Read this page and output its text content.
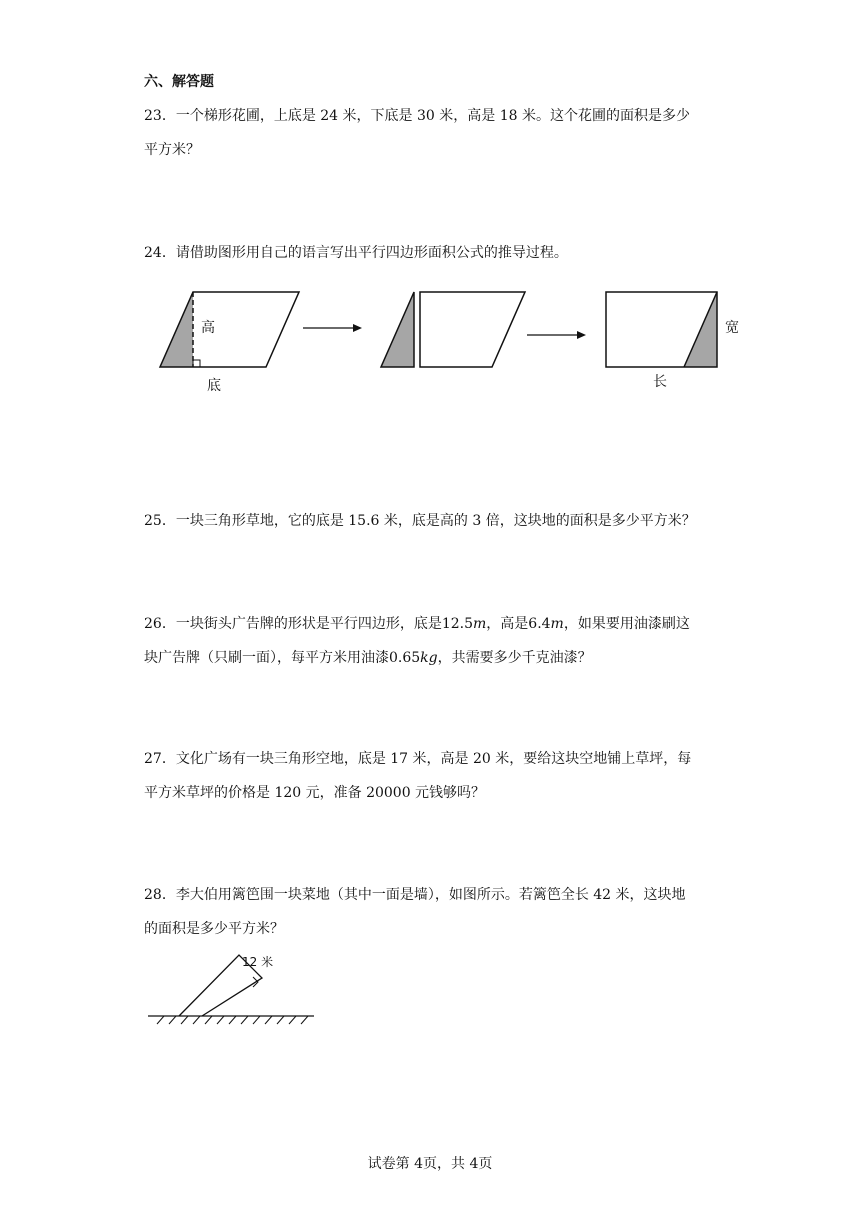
六、解答题
23．一个梯形花圃，上底是 24 米，下底是 30 米，高是 18 米。这个花圃的面积是多少
平方米？
24．请借助图形用自己的语言写出平行四边形面积公式的推导过程。
高
底
宽
长
25．一块三角形草地，它的底是 15.6 米，底是高的 3 倍，这块地的面积是多少平方米？
26．一块街头广告牌的形状是平行四边形，底是12.5m，高是6.4m，如果要用油漆刷这
块广告牌（只刷一面），每平方米用油漆0.65kg，共需要多少千克油漆？
27．文化广场有一块三角形空地，底是 17 米，高是 20 米，要给这块空地铺上草坪，每
平方米草坪的价格是 120 元，准备 20000 元钱够吗？
28．李大伯用篱笆围一块菜地（其中一面是墙），如图所示。若篱笆全长 42 米，这块地
的面积是多少平方米？
12 米
试卷第 4页，共 4页
